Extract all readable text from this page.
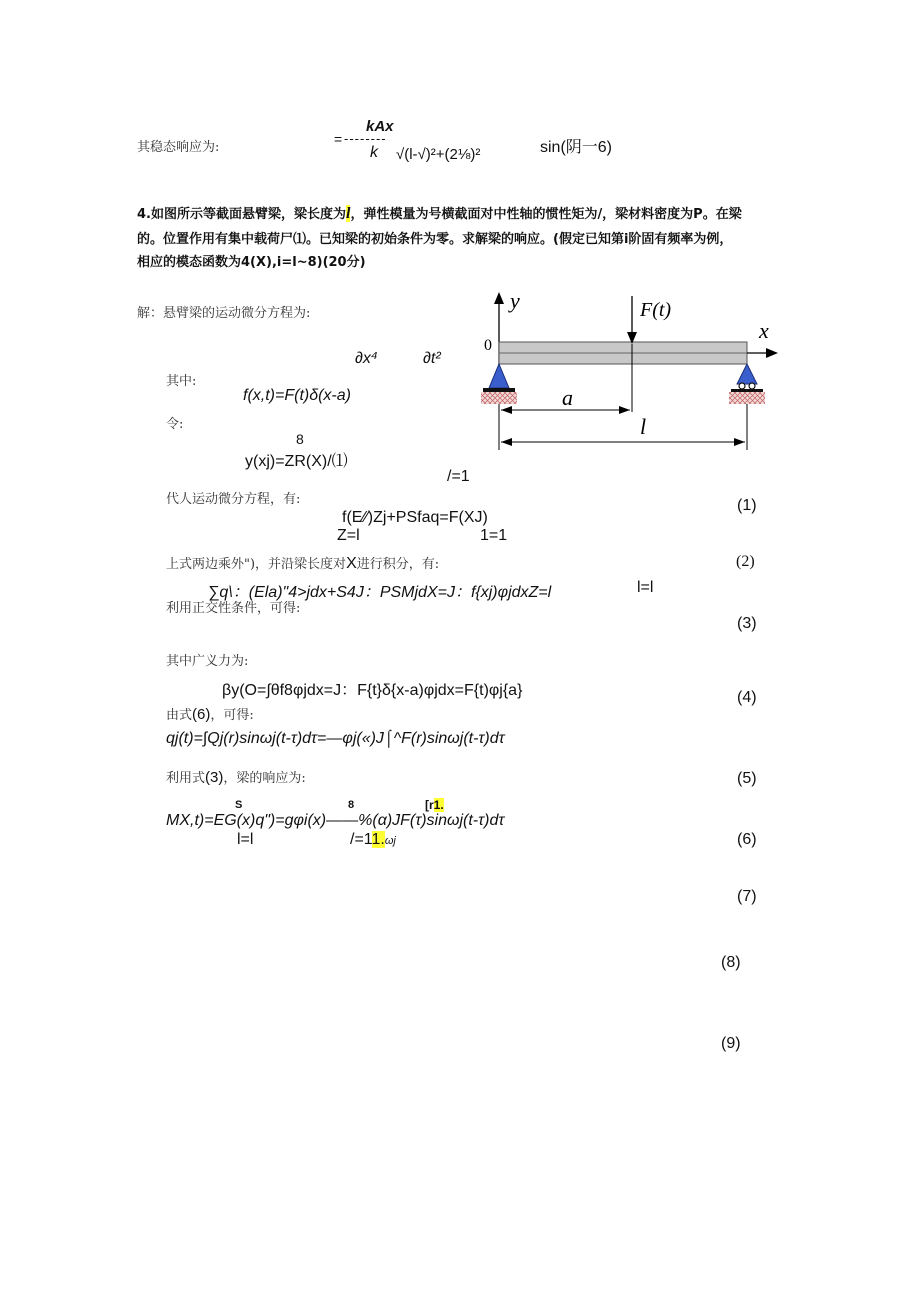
其稳态响应为:
=
kAx
--------
k √(l-√)²+(2⅛)²	sin(阴一6)
4.如图所示等截面悬臂梁，梁长度为l，弹性模量为号横截面对中性轴的惯性矩为/，梁材料密度为P。在梁
的。位置作用有集中载荷尸⑴。已知梁的初始条件为零。求解梁的响应。(假定已知第i阶固有频率为例，
相应的模态函数为4(X),i=l~8)(20分)
解：悬臂梁的运动微分方程为:
∂x⁴	∂t²
其中:
f(x,t)=F(t)δ(x-a)
令:
8
y(xj)=ZR(X)/⑴
/=1
代人运动微分方程，有:
f(E⁄∕)Zj+PSfaq=F(XJ)
Z=l	1=1
上式两边乘外")，并沿梁长度对X进行积分，有:
∑q\：(Ela)"4>jdx+S4J：PSMjdX=J：f{xj)φjdxZ=l	l=l
利用正交性条件，可得:
其中广义力为:
βy(O=∫θf8φjdx=J：F{t}δ{x-a)φjdx=F{t)φj{a}
由式(6)，可得:
qj(t)=∫Qj(r)sinωj(t-τ)dτ=—φj(«)J⌠^F(r)sinωj(t-τ)dτ
利用式(3)，梁的响应为:
S	8	[r1.
MX,t)=EG(x)q")=gφi(x)——%(α)JF(τ)sinωj(t-τ)dτ
l=l	/=11.ωj
(1)
(2)
(3)
(4)
(5)
(6)
(7)
(8)
(9)
y
0
x
F(t)
a
l
